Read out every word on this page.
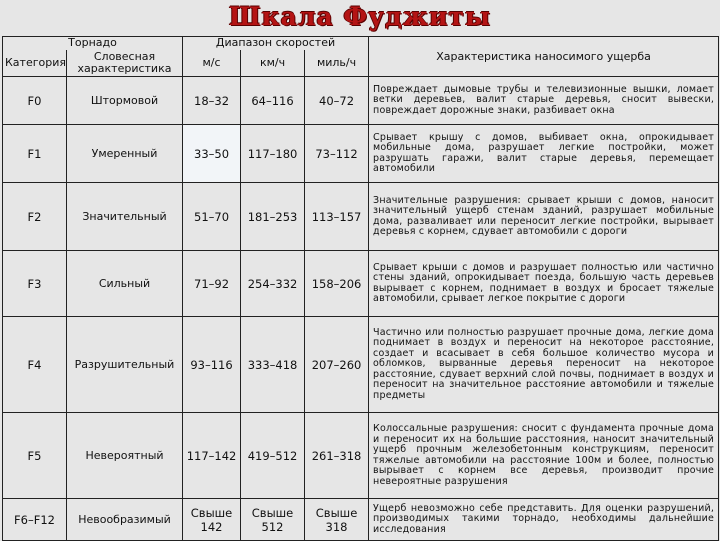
Шкала Фуджиты
Торнадо		Диапазон скоростей			Характеристика наносимого ущерба
Категория	Словесная характеристика	м/с	км/ч	миль/ч	
F0	Штормовой	18–32	64–116	40–72	Повреждает дымовые трубы и телевизионные вышки, ломает ветки деревьев, валит старые деревья, сносит вывески, повреждает дорожные знаки, разбивает окна
F1	Умеренный	33–50	117–180	73–112	Срывает крышу с домов, выбивает окна, опрокидывает мобильные дома, разрушает легкие постройки, может разрушать гаражи, валит старые деревья, перемещает автомобили
F2	Значительный	51–70	181–253	113–157	Значительные разрушения: срывает крыши с домов, наносит значительный ущерб стенам зданий, разрушает мобильные дома, разваливает или переносит легкие постройки, вырывает деревья с корнем, сдувает автомобили с дороги
F3	Сильный	71–92	254–332	158–206	Срывает крыши с домов и разрушает полностью или частично стены зданий, опрокидывает поезда, большую часть деревьев вырывает с корнем, поднимает в воздух и бросает тяжелые автомобили, срывает легкое покрытие с дороги
F4	Разрушительный	93–116	333–418	207–260	Частично или полностью разрушает прочные дома, легкие дома поднимает в воздух и переносит на некоторое расстояние, создает и всасывает в себя большое количество мусора и обломков, вырванные деревья переносит на некоторое расстояние, сдувает верхний слой почвы, поднимает в воздух и переносит на значительное расстояние автомобили и тяжелые предметы
F5	Невероятный	117–142	419–512	261–318	Колоссальные разрушения: сносит с фундамента прочные дома и переносит их на большие расстояния, наносит значительный ущерб прочным железобетонным конструкциям, переносит тяжелые автомобили на расстояние 100м и более, полностью вырывает с корнем все деревья, производит прочие невероятные разрушения
F6–F12	Невообразимый	Свыше 142	Свыше 512	Свыше 318	Ущерб невозможно себе представить. Для оценки разрушений, производимых такими торнадо, необходимы дальнейшие исследования
